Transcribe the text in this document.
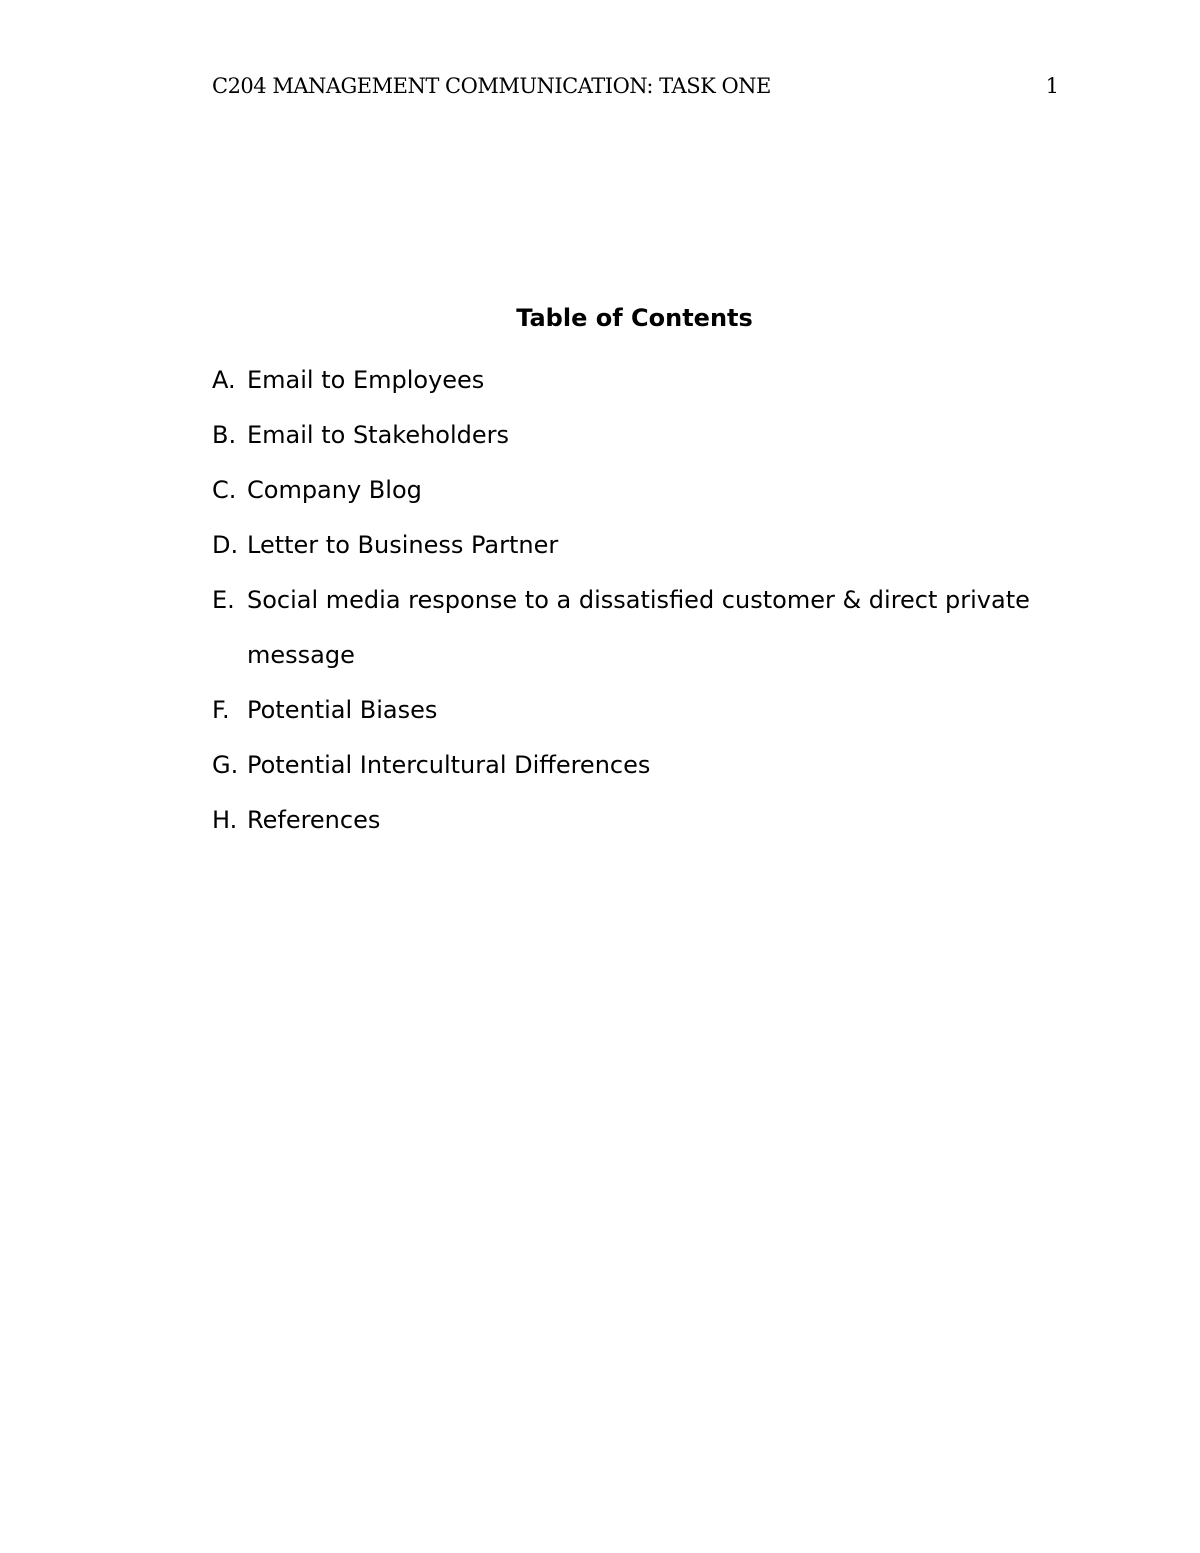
C204 MANAGEMENT COMMUNICATION: TASK ONE	1
Table of Contents
A. Email to Employees
B. Email to Stakeholders
C. Company Blog
D. Letter to Business Partner
E. Social media response to a dissatisfied customer & direct private message
F. Potential Biases
G. Potential Intercultural Differences
H. References
